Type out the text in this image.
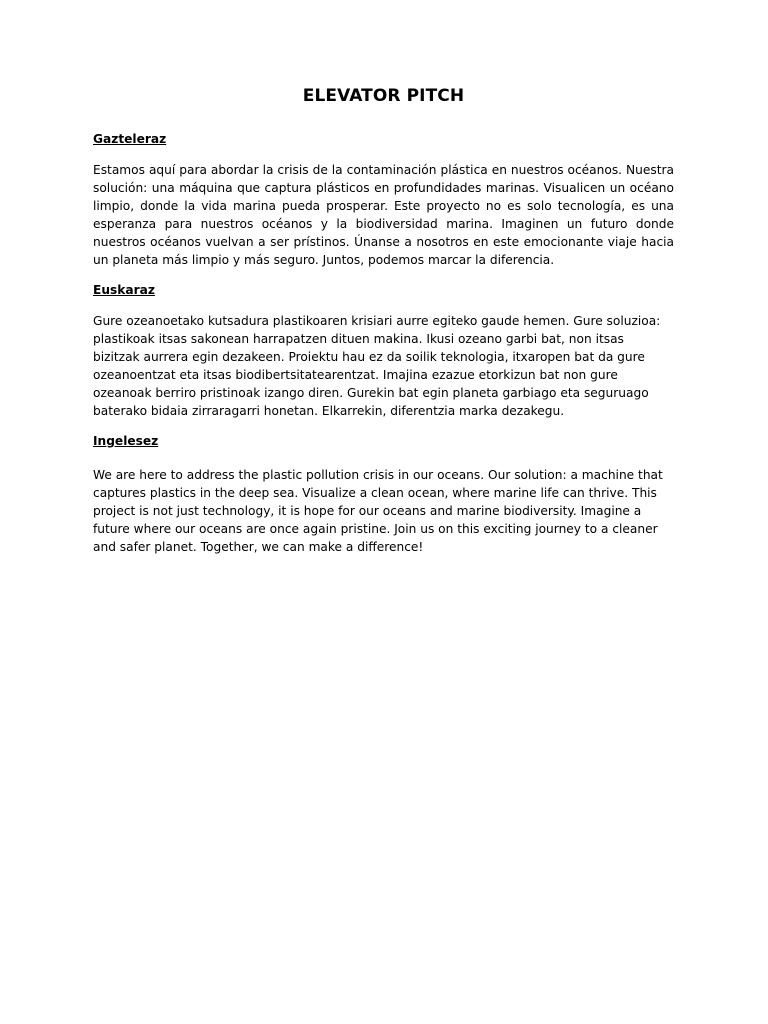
ELEVATOR PITCH
Gazteleraz

Estamos aquí para abordar la crisis de la contaminación plástica en nuestros océanos. Nuestra solución: una máquina que captura plásticos en profundidades marinas. Visualicen un océano limpio, donde la vida marina pueda prosperar. Este proyecto no es solo tecnología, es una esperanza para nuestros océanos y la biodiversidad marina. Imaginen un futuro donde nuestros océanos vuelvan a ser prístinos. Únanse a nosotros en este emocionante viaje hacia un planeta más limpio y más seguro. Juntos, podemos marcar la diferencia.

Euskaraz

Gure ozeanoetako kutsadura plastikoaren krisiari aurre egiteko gaude hemen. Gure soluzioa: plastikoak itsas sakonean harrapatzen dituen makina. Ikusi ozeano garbi bat, non itsas bizitzak aurrera egin dezakeen. Proiektu hau ez da soilik teknologia, itxaropen bat da gure ozeanoentzat eta itsas biodibertsitatearentzat. Imajina ezazue etorkizun bat non gure ozeanoak berriro pristinoak izango diren. Gurekin bat egin planeta garbiago eta seguruago baterako bidaia zirraragarri honetan. Elkarrekin, diferentzia marka dezakegu.

Ingelesez

We are here to address the plastic pollution crisis in our oceans. Our solution: a machine that captures plastics in the deep sea. Visualize a clean ocean, where marine life can thrive. This project is not just technology, it is hope for our oceans and marine biodiversity. Imagine a future where our oceans are once again pristine. Join us on this exciting journey to a cleaner and safer planet. Together, we can make a difference!
